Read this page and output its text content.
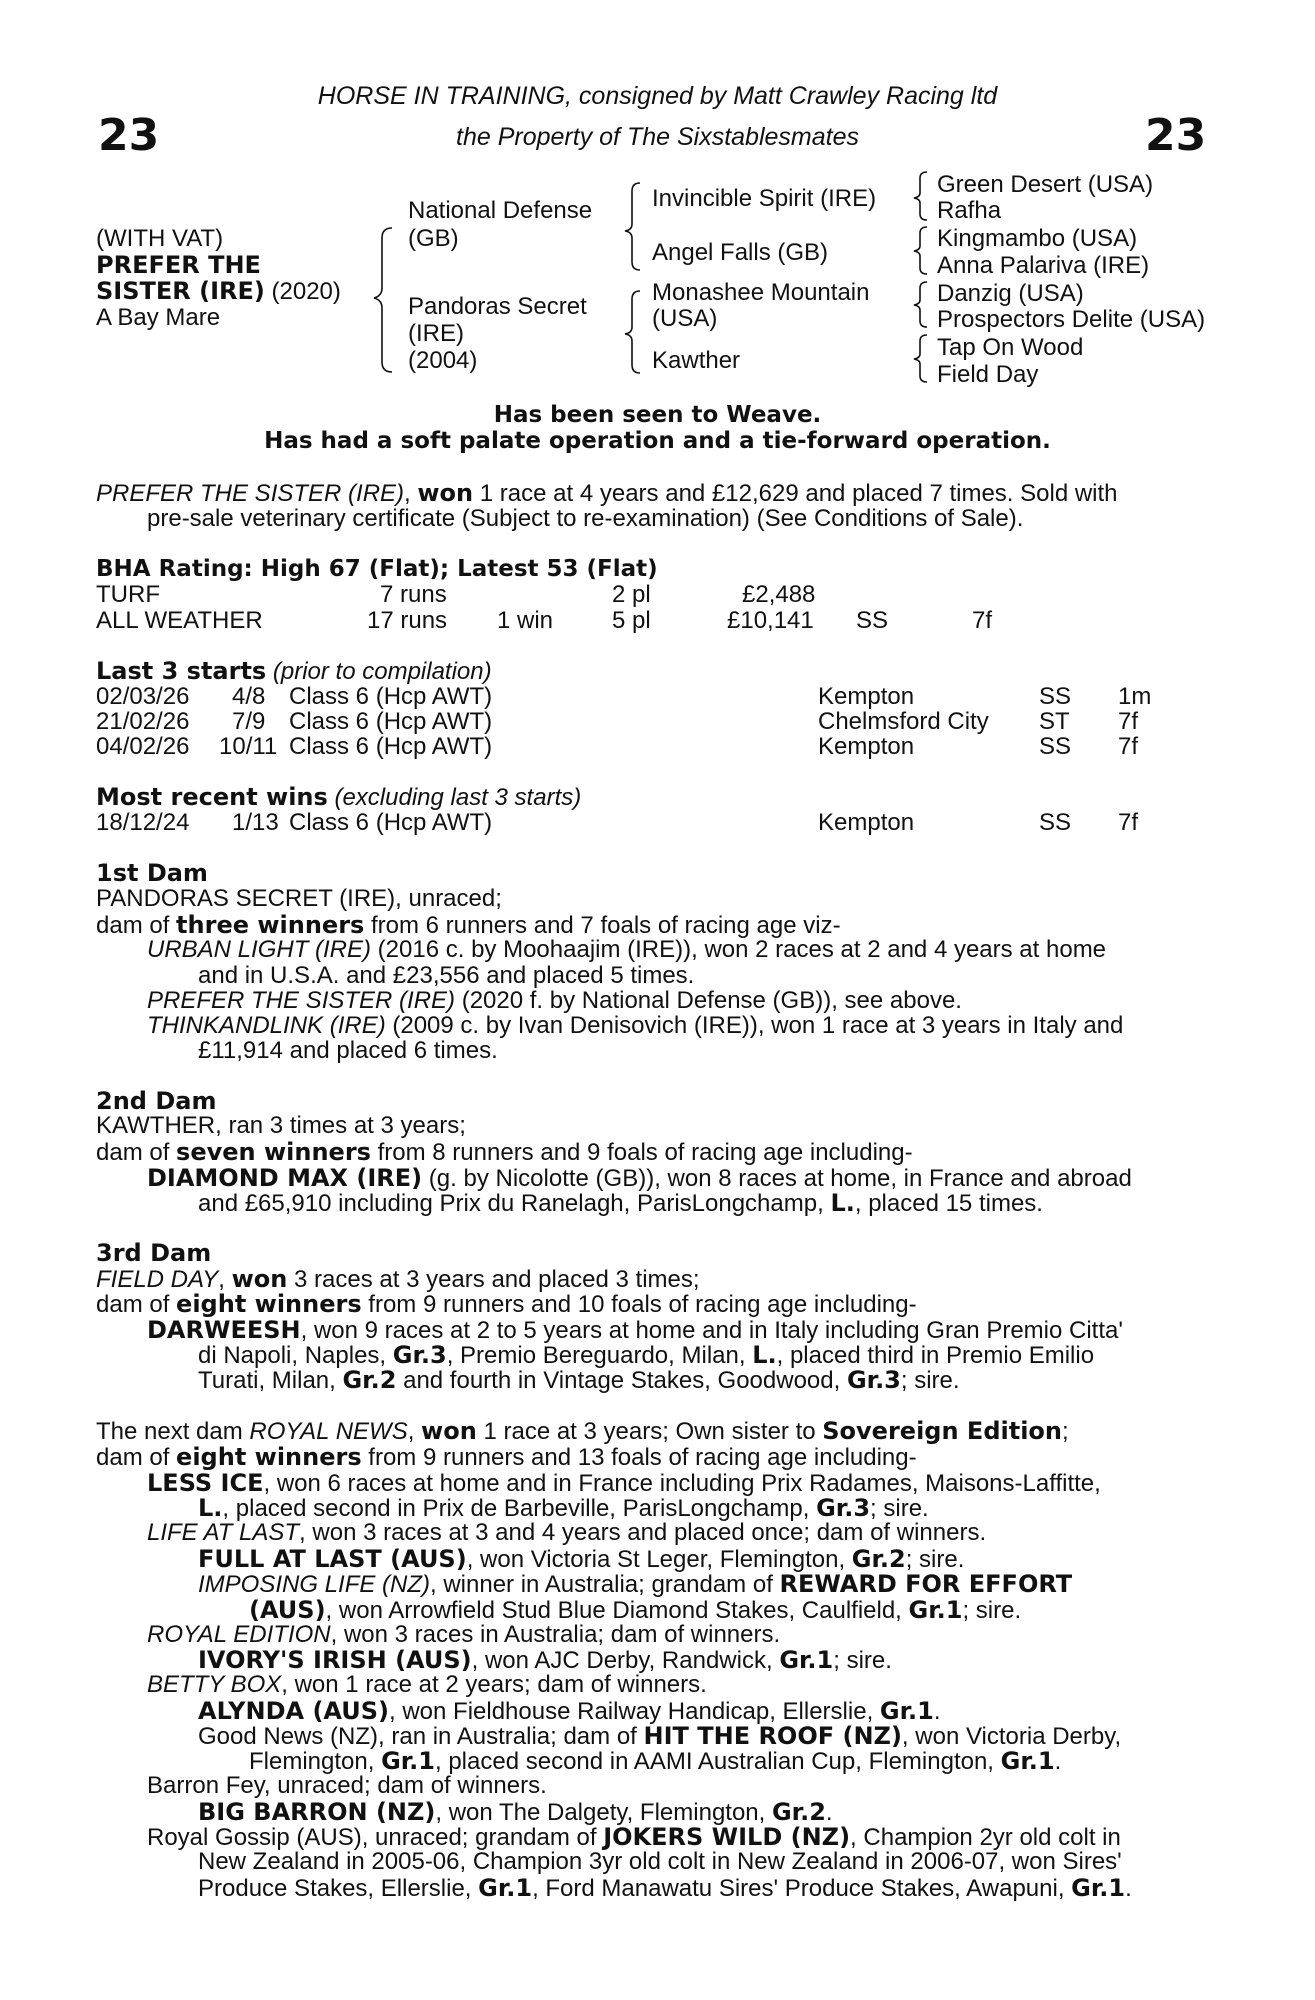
23	23
HORSE IN TRAINING, consigned by Matt Crawley Racing ltd
the Property of The Sixstablesmates
(WITH VAT)
PREFER THE
SISTER (IRE) (2020)
A Bay Mare
National Defense
(GB)
Pandoras Secret
(IRE)
(2004)
Invincible Spirit (IRE)
Angel Falls (GB)
Monashee Mountain
(USA)
Kawther
Green Desert (USA)
Rafha
Kingmambo (USA)
Anna Palariva (IRE)
Danzig (USA)
Prospectors Delite (USA)
Tap On Wood
Field Day
Has been seen to Weave.
Has had a soft palate operation and a tie-forward operation.
PREFER THE SISTER (IRE), won 1 race at 4 years and £12,629 and placed 7 times. Sold with
pre-sale veterinary certificate (Subject to re-examination) (See Conditions of Sale).
BHA Rating: High 67 (Flat); Latest 53 (Flat)
TURF	7 runs	2 pl	£2,488
ALL WEATHER	17 runs 1 win 5 pl	£10,141 SS	7f
Last 3 starts (prior to compilation)
02/03/26 4/8 Class 6 (Hcp AWT)	Kempton	SS 1m
21/02/26 7/9 Class 6 (Hcp AWT)	Chelmsford City ST 7f
04/02/26 10/11 Class 6 (Hcp AWT)	Kempton	SS 7f
Most recent wins (excluding last 3 starts)
18/12/24 1/13 Class 6 (Hcp AWT)	Kempton	SS 7f
1st Dam
PANDORAS SECRET (IRE), unraced;
dam of three winners from 6 runners and 7 foals of racing age viz-
URBAN LIGHT (IRE) (2016 c. by Moohaajim (IRE)), won 2 races at 2 and 4 years at home
and in U.S.A. and £23,556 and placed 5 times.
PREFER THE SISTER (IRE) (2020 f. by National Defense (GB)), see above.
THINKANDLINK (IRE) (2009 c. by Ivan Denisovich (IRE)), won 1 race at 3 years in Italy and
£11,914 and placed 6 times.
2nd Dam
KAWTHER, ran 3 times at 3 years;
dam of seven winners from 8 runners and 9 foals of racing age including-
DIAMOND MAX (IRE) (g. by Nicolotte (GB)), won 8 races at home, in France and abroad
and £65,910 including Prix du Ranelagh, ParisLongchamp, L., placed 15 times.
3rd Dam
FIELD DAY, won 3 races at 3 years and placed 3 times;
dam of eight winners from 9 runners and 10 foals of racing age including-
DARWEESH, won 9 races at 2 to 5 years at home and in Italy including Gran Premio Citta'
di Napoli, Naples, Gr.3, Premio Bereguardo, Milan, L., placed third in Premio Emilio
Turati, Milan, Gr.2 and fourth in Vintage Stakes, Goodwood, Gr.3; sire.
The next dam ROYAL NEWS, won 1 race at 3 years; Own sister to Sovereign Edition;
dam of eight winners from 9 runners and 13 foals of racing age including-
LESS ICE, won 6 races at home and in France including Prix Radames, Maisons-Laffitte,
L., placed second in Prix de Barbeville, ParisLongchamp, Gr.3; sire.
LIFE AT LAST, won 3 races at 3 and 4 years and placed once; dam of winners.
FULL AT LAST (AUS), won Victoria St Leger, Flemington, Gr.2; sire.
IMPOSING LIFE (NZ), winner in Australia; grandam of REWARD FOR EFFORT
(AUS), won Arrowfield Stud Blue Diamond Stakes, Caulfield, Gr.1; sire.
ROYAL EDITION, won 3 races in Australia; dam of winners.
IVORY'S IRISH (AUS), won AJC Derby, Randwick, Gr.1; sire.
BETTY BOX, won 1 race at 2 years; dam of winners.
ALYNDA (AUS), won Fieldhouse Railway Handicap, Ellerslie, Gr.1.
Good News (NZ), ran in Australia; dam of HIT THE ROOF (NZ), won Victoria Derby,
Flemington, Gr.1, placed second in AAMI Australian Cup, Flemington, Gr.1.
Barron Fey, unraced; dam of winners.
BIG BARRON (NZ), won The Dalgety, Flemington, Gr.2.
Royal Gossip (AUS), unraced; grandam of JOKERS WILD (NZ), Champion 2yr old colt in
New Zealand in 2005-06, Champion 3yr old colt in New Zealand in 2006-07, won Sires'
Produce Stakes, Ellerslie, Gr.1, Ford Manawatu Sires' Produce Stakes, Awapuni, Gr.1.
